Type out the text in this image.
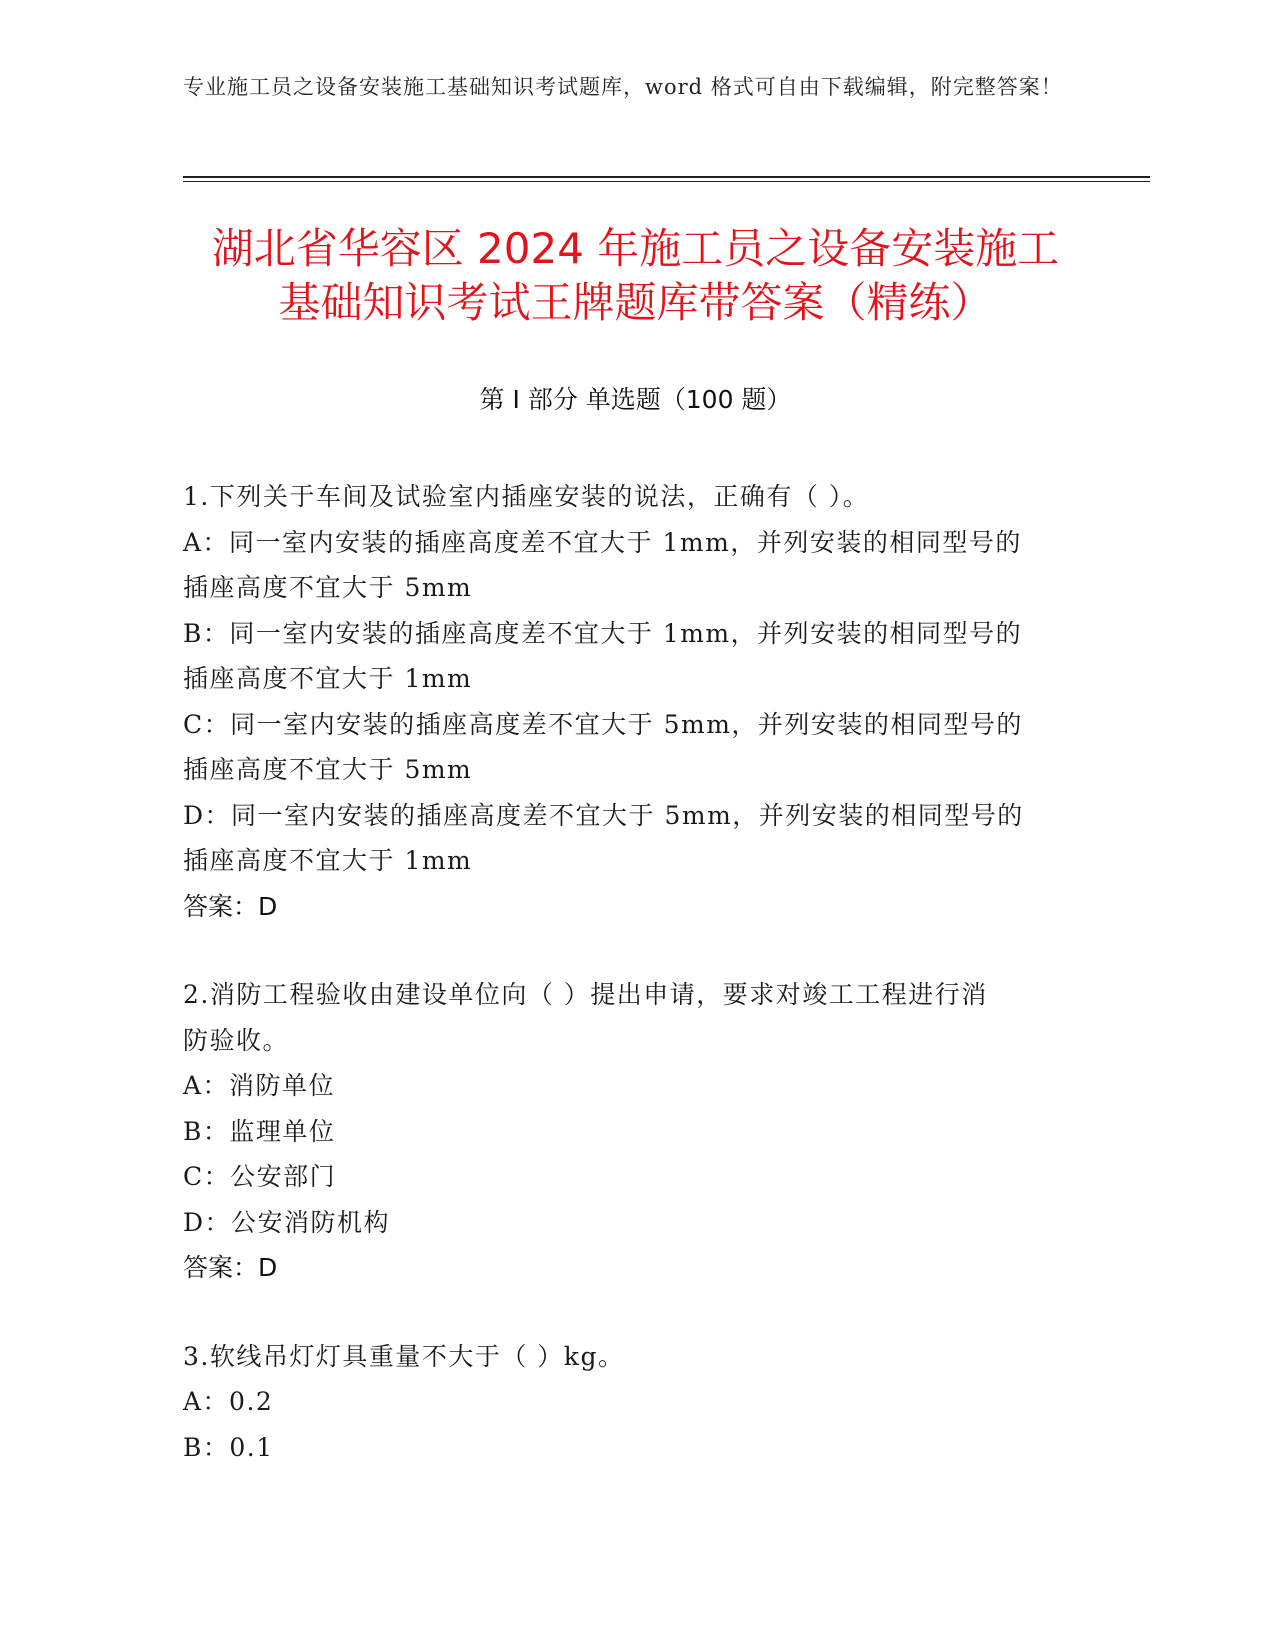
专业施工员之设备安装施工基础知识考试题库，word 格式可自由下载编辑，附完整答案！
湖北省华容区 2024 年施工员之设备安装施工
基础知识考试王牌题库带答案（精练）
第 I 部分 单选题（100 题）

1.下列关于车间及试验室内插座安装的说法，正确有（ ）。

A：同一室内安装的插座高度差不宜大于 1mm，并列安装的相同型号的

插座高度不宜大于 5mm

B：同一室内安装的插座高度差不宜大于 1mm，并列安装的相同型号的

插座高度不宜大于 1mm

C：同一室内安装的插座高度差不宜大于 5mm，并列安装的相同型号的

插座高度不宜大于 5mm

D：同一室内安装的插座高度差不宜大于 5mm，并列安装的相同型号的

插座高度不宜大于 1mm

答案：D

2.消防工程验收由建设单位向（ ）提出申请，要求对竣工工程进行消

防验收。

A：消防单位

B：监理单位

C：公安部门

D：公安消防机构

答案：D

3.软线吊灯灯具重量不大于（ ）kg。

A：0.2

B：0.1
